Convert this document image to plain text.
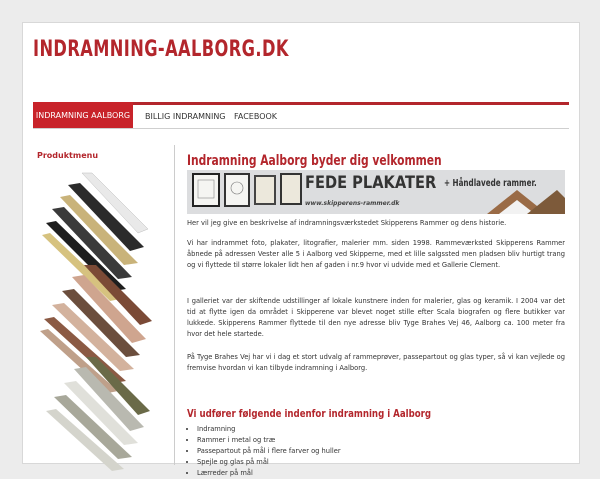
INDRAMNING-AALBORG.DK
INDRAMNING AALBORG	BILLIG INDRAMNING FACEBOOK
Produktmenu	Indramning Aalborg byder dig velkommen
FEDE PLAKATER + Håndlavede rammer.
www.skipperens-rammer.dk
Her vil jeg give en beskrivelse af indramningsværkstedet Skipperens Rammer og dens historie.
Vi har indrammet foto, plakater, litografier, malerier mm. siden 1998. Rammeværksted Skipperens Rammer åbnede på adressen Vester alle 5 i Aalborg ved Skipperne, med et lille salgssted men pladsen bliv hurtigt trang og vi flyttede til større lokaler lidt hen af gaden i nr.9 hvor vi udvide med et Gallerie Clement.
I galleriet var der skiftende udstillinger af lokale kunstnere inden for malerier, glas og keramik. I 2004 var det tid at flytte igen da området i Skipperene var blevet noget stille efter Scala biografen og flere butikker var lukkede. Skipperens Rammer flyttede til den nye adresse bliv Tyge Brahes Vej 46, Aalborg ca. 100 meter fra hvor det hele startede.
På Tyge Brahes Vej har vi i dag et stort udvalg af rammeprøver, passepartout og glas typer, så vi kan vejlede og fremvise hvordan vi kan tilbyde indramning i Aalborg.
Vi udfører følgende indenfor indramning i Aalborg
• Indramning
• Rammer i metal og træ
• Passepartout på mål i flere farver og huller
• Spejle og glas på mål
• Lærreder på mål
